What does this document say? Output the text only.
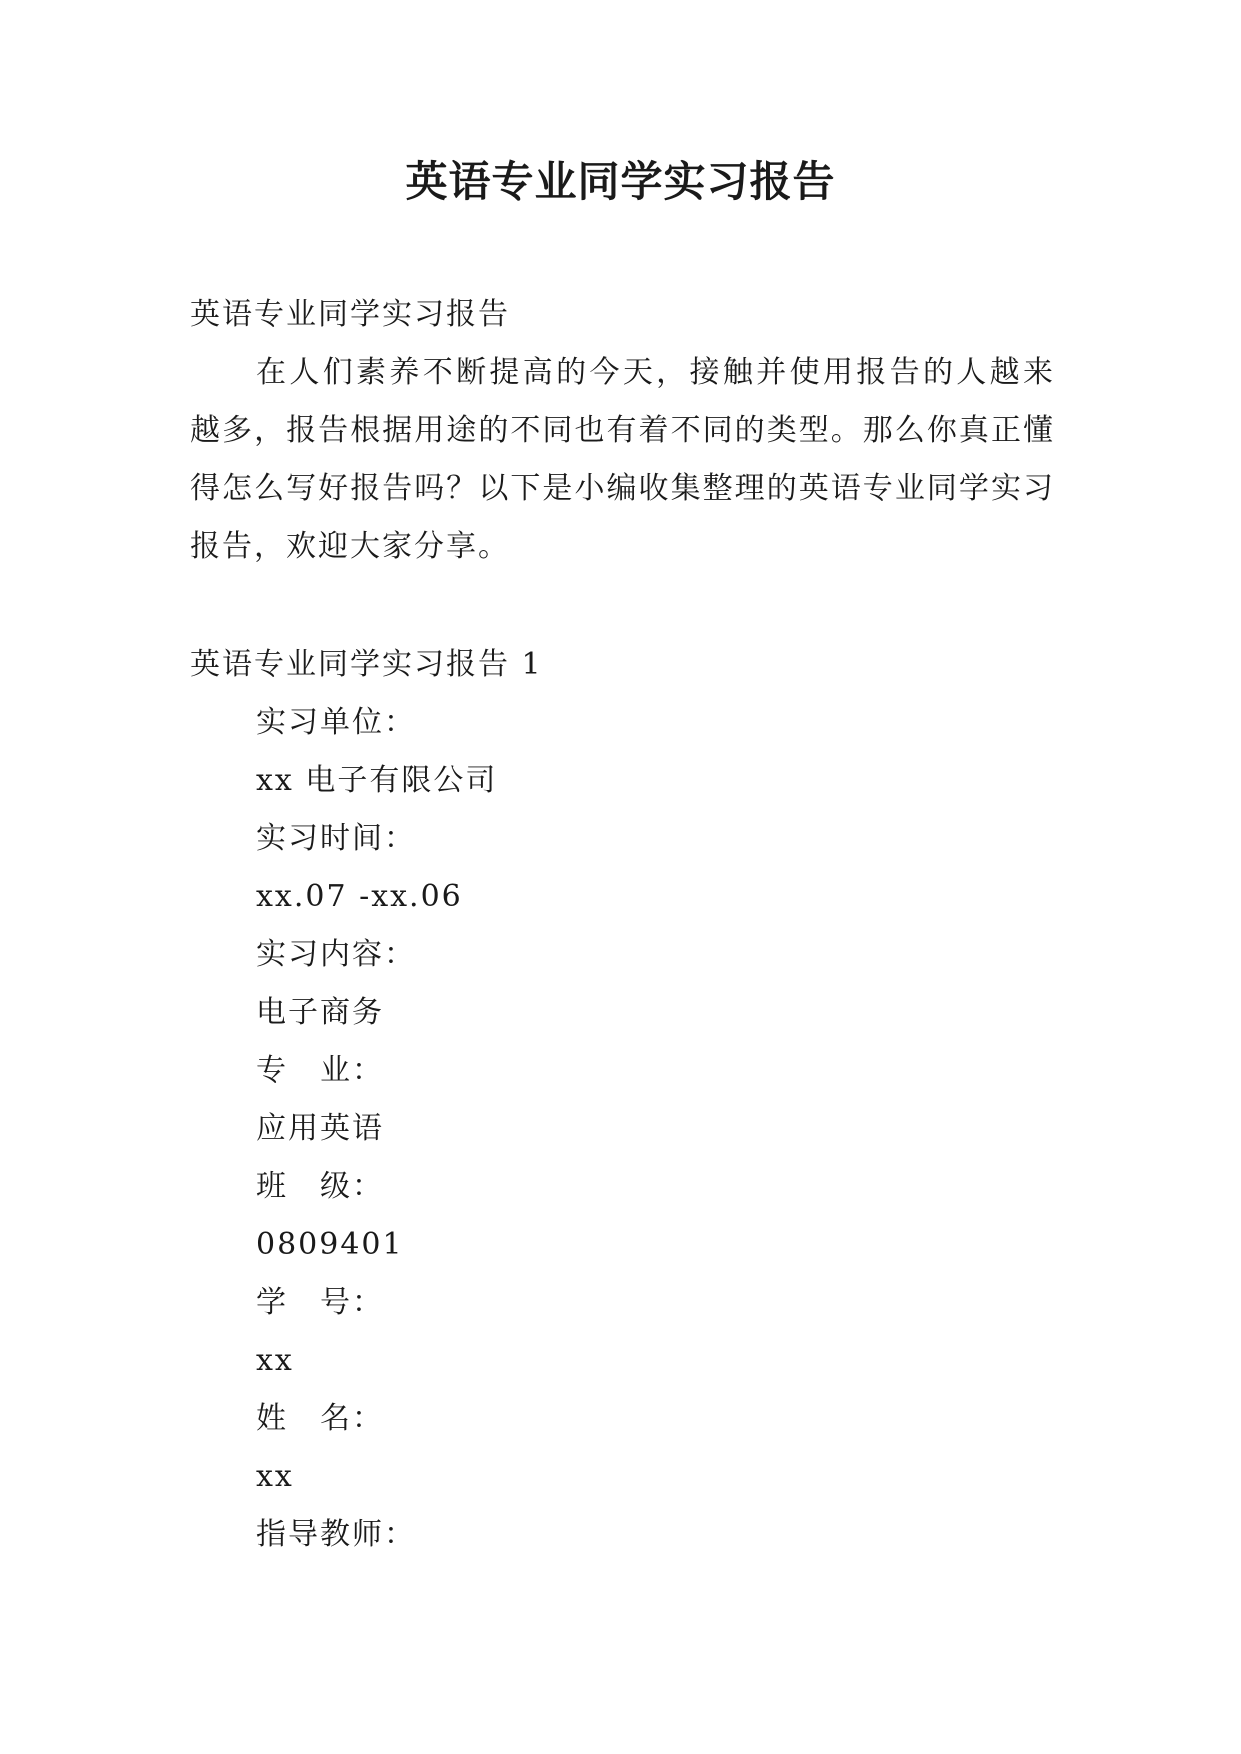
英语专业同学实习报告

英语专业同学实习报告

在人们素养不断提高的今天，接触并使用报告的人越来越多，报告根据用途的不同也有着不同的类型。那么你真正懂得怎么写好报告吗？以下是小编收集整理的英语专业同学实习报告，欢迎大家分享。

英语专业同学实习报告 1

实习单位：
xx 电子有限公司
实习时间：
xx.07 -xx.06
实习内容：
电子商务
专　业：
应用英语
班　级：
0809401
学　号：
xx
姓　名：
xx
指导教师：
